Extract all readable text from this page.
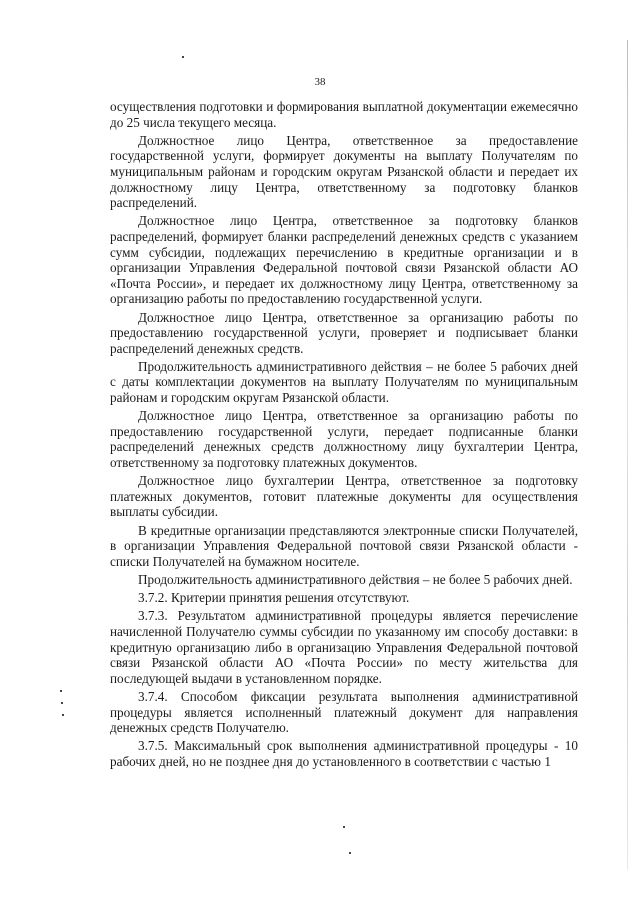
38

осуществления подготовки и формирования выплатной документации ежемесячно до 25 числа текущего месяца.

Должностное лицо Центра, ответственное за предоставление государственной услуги, формирует документы на выплату Получателям по муниципальным районам и городским округам Рязанской области и передает их должностному лицу Центра, ответственному за подготовку бланков распределений.

Должностное лицо Центра, ответственное за подготовку бланков распределений, формирует бланки распределений денежных средств с указанием сумм субсидии, подлежащих перечислению в кредитные организации и в организации Управления Федеральной почтовой связи Рязанской области АО «Почта России», и передает их должностному лицу Центра, ответственному за организацию работы по предоставлению государственной услуги.

Должностное лицо Центра, ответственное за организацию работы по предоставлению государственной услуги, проверяет и подписывает бланки распределений денежных средств.

Продолжительность административного действия – не более 5 рабочих дней с даты комплектации документов на выплату Получателям по муниципальным районам и городским округам Рязанской области.

Должностное лицо Центра, ответственное за организацию работы по предоставлению государственной услуги, передает подписанные бланки распределений денежных средств должностному лицу бухгалтерии Центра, ответственному за подготовку платежных документов.

Должностное лицо бухгалтерии Центра, ответственное за подготовку платежных документов, готовит платежные документы для осуществления выплаты субсидии.

В кредитные организации представляются электронные списки Получателей, в организации Управления Федеральной почтовой связи Рязанской области - списки Получателей на бумажном носителе.

Продолжительность административного действия – не более 5 рабочих дней.

3.7.2. Критерии принятия решения отсутствуют.

3.7.3. Результатом административной процедуры является перечисление начисленной Получателю суммы субсидии по указанному им способу доставки: в кредитную организацию либо в организацию Управления Федеральной почтовой связи Рязанской области АО «Почта России» по месту жительства для последующей выдачи в установленном порядке.

3.7.4. Способом фиксации результата выполнения административной процедуры является исполненный платежный документ для направления денежных средств Получателю.

3.7.5. Максимальный срок выполнения административной процедуры - 10 рабочих дней, но не позднее дня до установленного в соответствии с частью 1
